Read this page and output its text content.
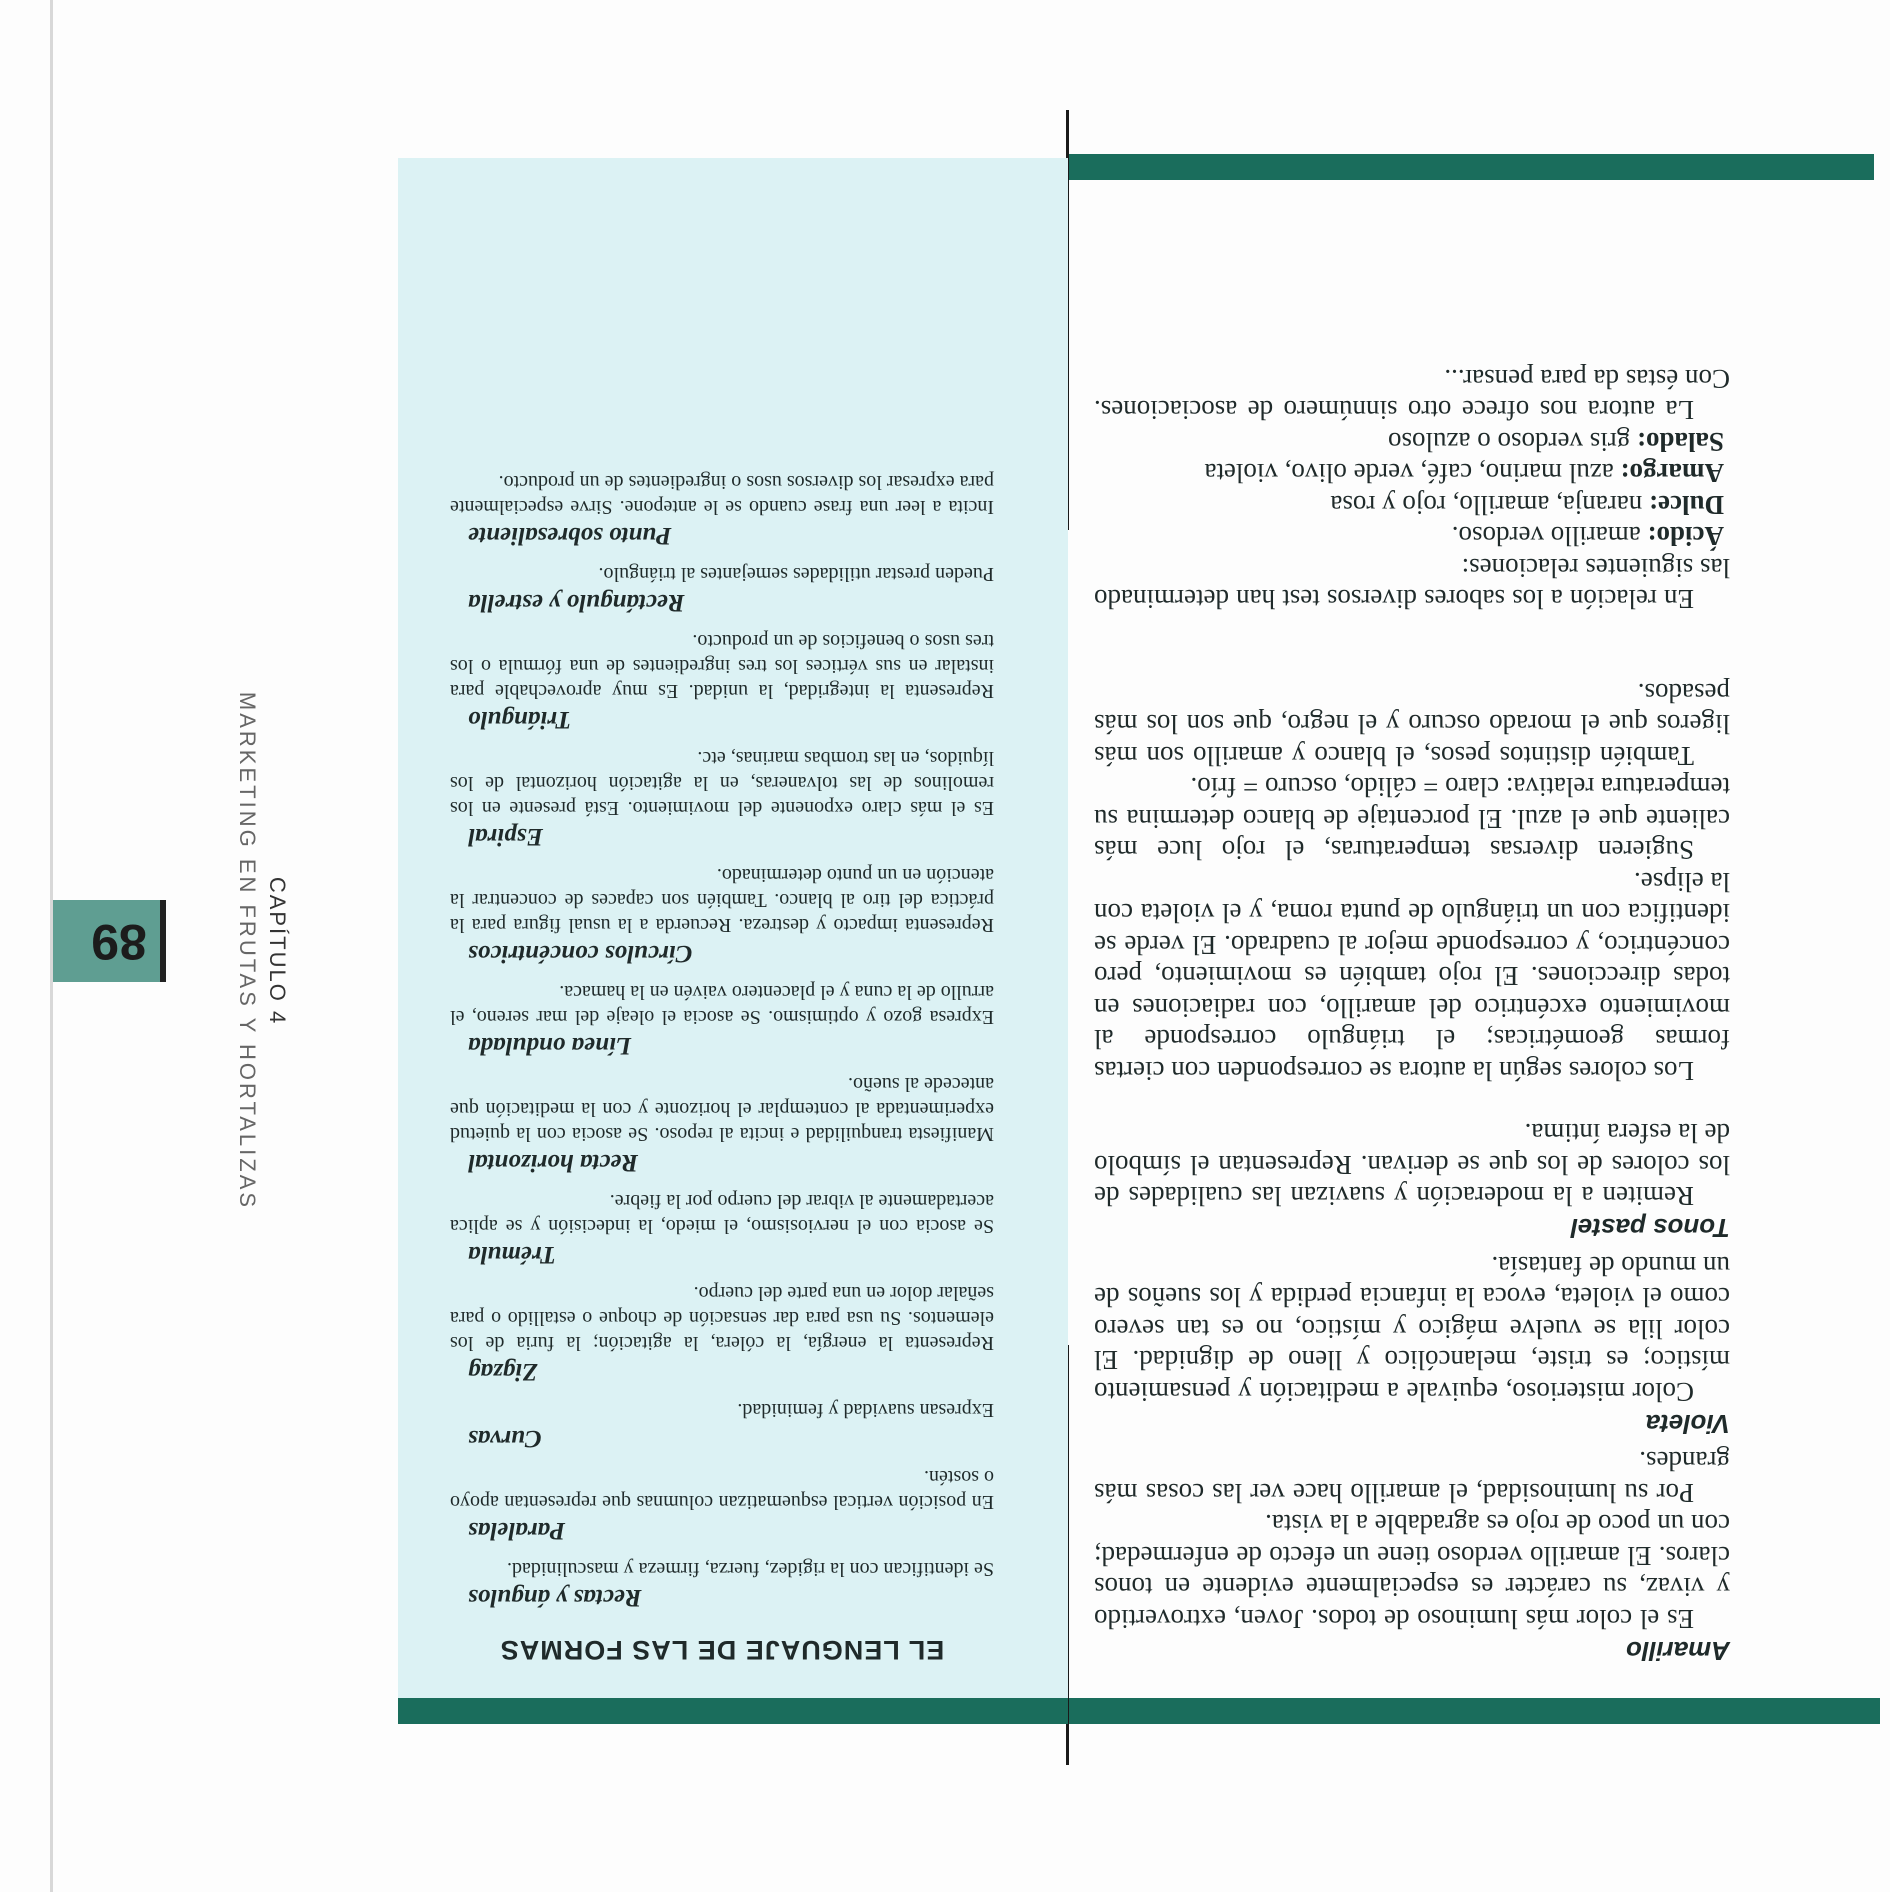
89	CAPÍTULO 4
MARKETING EN FRUTAS Y HORTALIZAS

Amarillo

Es el color más luminoso de todos. Joven, extrovertido y vivaz, su carácter es especialmente evidente en tonos claros. El amarillo verdoso tiene un efecto de enfermedad; con un poco de rojo es agradable a la vista.

Por su luminosidad, el amarillo hace ver las cosas más grandes.

Violeta

Color misterioso, equivale a meditación y pensamiento místico; es triste, melancólico y lleno de dignidad. El color lila se vuelve mágico y místico, no es tan severo como el violeta, evoca la infancia perdida y los sueños de un mundo de fantasía.

Tonos pastel

Remiten a la moderación y suavizan las cualidades de los colores de los que se derivan. Representan el símbolo de la esfera íntima.

Los colores según la autora se corresponden con ciertas formas geométricas; el triángulo corresponde al movimiento excéntrico del amarillo, con radiaciones en todas direcciones. El rojo también es movimiento, pero concéntrico, y corresponde mejor al cuadrado. El verde se identifica con un triángulo de punta roma, y el violeta con la elipse.

Sugieren diversas temperaturas, el rojo luce más caliente que el azul. El porcentaje de blanco determina su temperatura relativa: claro = cálido, oscuro = frío.

También distintos pesos, el blanco y amarillo son más ligeros que el morado oscuro y el negro, que son los más pesados.

En relación a los sabores diversos test han determinado las siguientes relaciones:

Ácido: amarillo verdoso.

Dulce: naranja, amarillo, rojo y rosa

Amargo: azul marino, café, verde olivo, violeta

Salado: gris verdoso o azuloso

La autora nos ofrece otro sinnúmero de asociaciones. Con éstas da para pensar...

EL LENGUAJE DE LAS FORMAS
Rectas y ángulos
Se identifican con la rigidez, fuerza, firmeza y masculinidad.
Paralelas
En posición vertical esquematizan columnas que representan apoyo o sostén.
Curvas
Expresan suavidad y feminidad.
Zigzag
Representa la energía, la cólera, la agitación; la furia de los elementos. Su usa para dar sensación de choque o estallido o para señalar dolor en una parte del cuerpo.
Trémula
Se asocia con el nerviosismo, el miedo, la indecisión y se aplica acertadamente al vibrar del cuerpo por la fiebre.
Recta horizontal
Manifiesta tranquilidad e incita al reposo. Se asocia con la quietud experimentada al contemplar el horizonte y con la meditación que antecede al sueño.
Línea ondulada
Expresa gozo y optimismo. Se asocia el oleaje del mar sereno, el arrullo de la cuna y el placentero vaivén en la hamaca.
Círculos concéntricos
Representa impacto y destreza. Recuerda a la usual figura para la práctica del tiro al blanco. También son capaces de concentrar la atención en un punto determinado.
Espiral
Es el más claro exponente del movimiento. Está presente en los remolinos de las tolvaneras, en la agitación horizontal de los líquidos, en las trombas marinas, etc.
Triángulo
Representa la integridad, la unidad. Es muy aprovechable para instalar en sus vértices los tres ingredientes de una fórmula o los tres usos o beneficios de un producto.
Rectángulo y estrella
Pueden prestar utilidades semejantes al triángulo.
Punto sobresaliente
Incita a leer una frase cuando se le antepone. Sirve especialmente para expresar los diversos usos o ingredientes de un producto.
